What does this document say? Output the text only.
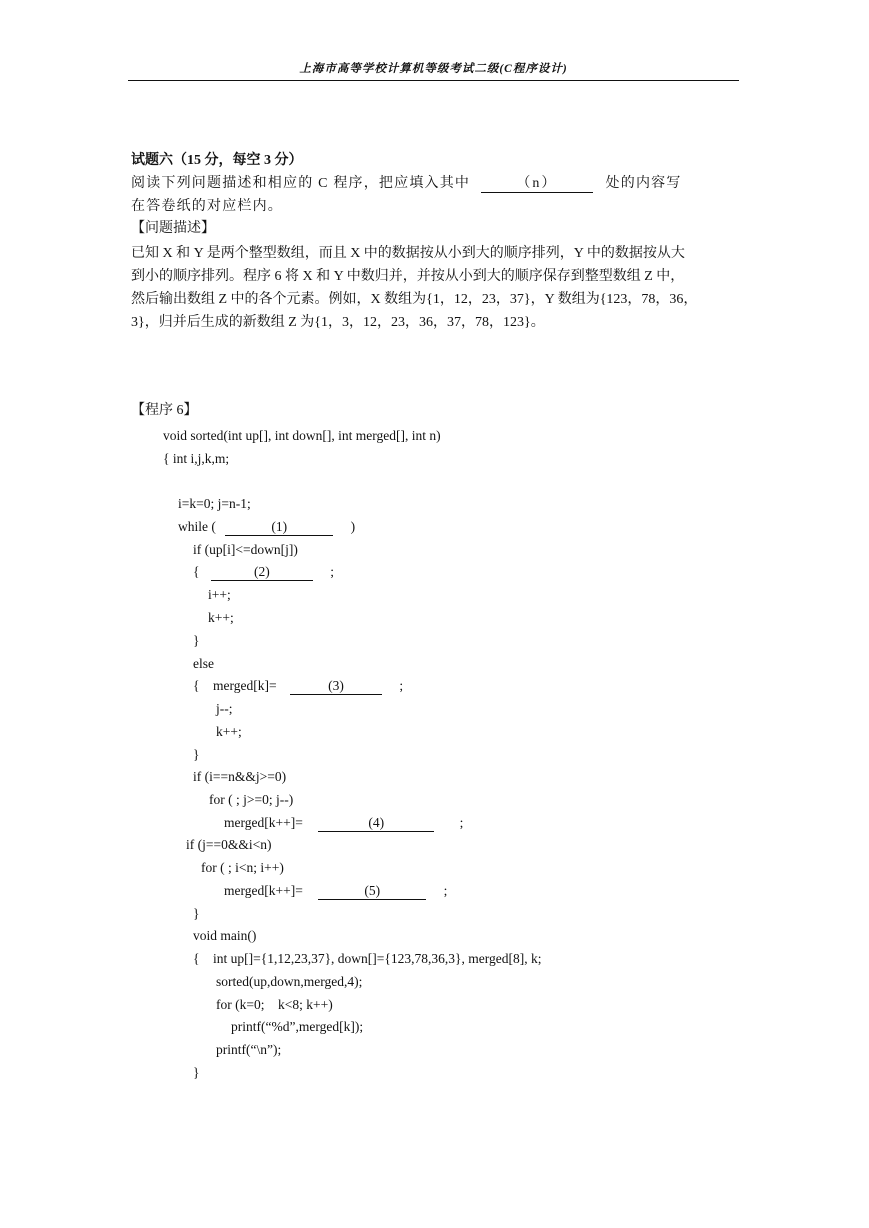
上海市高等学校计算机等级考试二级(C程序设计)
试题六（15 分，每空 3 分）
阅读下列问题描述和相应的 C 程序，把应填入其中	（n）	处的内容写
在答卷纸的对应栏内。
【问题描述】
已知 X 和 Y 是两个整型数组，而且 X 中的数据按从小到大的顺序排列，Y 中的数据按从大
到小的顺序排列。程序 6 将 X 和 Y 中数归并，并按从小到大的顺序保存到整型数组 Z 中，
然后输出数组 Z 中的各个元素。例如，X 数组为{1，12，23，37}，Y 数组为{123，78，36，
3}，归并后生成的新数组 Z 为{1，3，12，23，36，37，78，123}。
【程序 6】
void sorted(int up[], int down[], int merged[], int n)
{ int i,j,k,m;
i=k=0; j=n-1;
while (	(1)	)
if (up[i]<=down[j])
{	(2)	;
i++;
k++;
}
else
{    merged[k]=	(3)	;
j--;
k++;
}
if (i==n&&j>=0)
for ( ; j>=0; j--)
merged[k++]=	(4)	;
if (j==0&&i<n)
for ( ; i<n; i++)
merged[k++]=	(5)	;
}
void main()
{    int up[]={1,12,23,37}, down[]={123,78,36,3}, merged[8], k;
sorted(up,down,merged,4);
for (k=0;    k<8; k++)
printf(“%d”,merged[k]);
printf(“\n”);
}
